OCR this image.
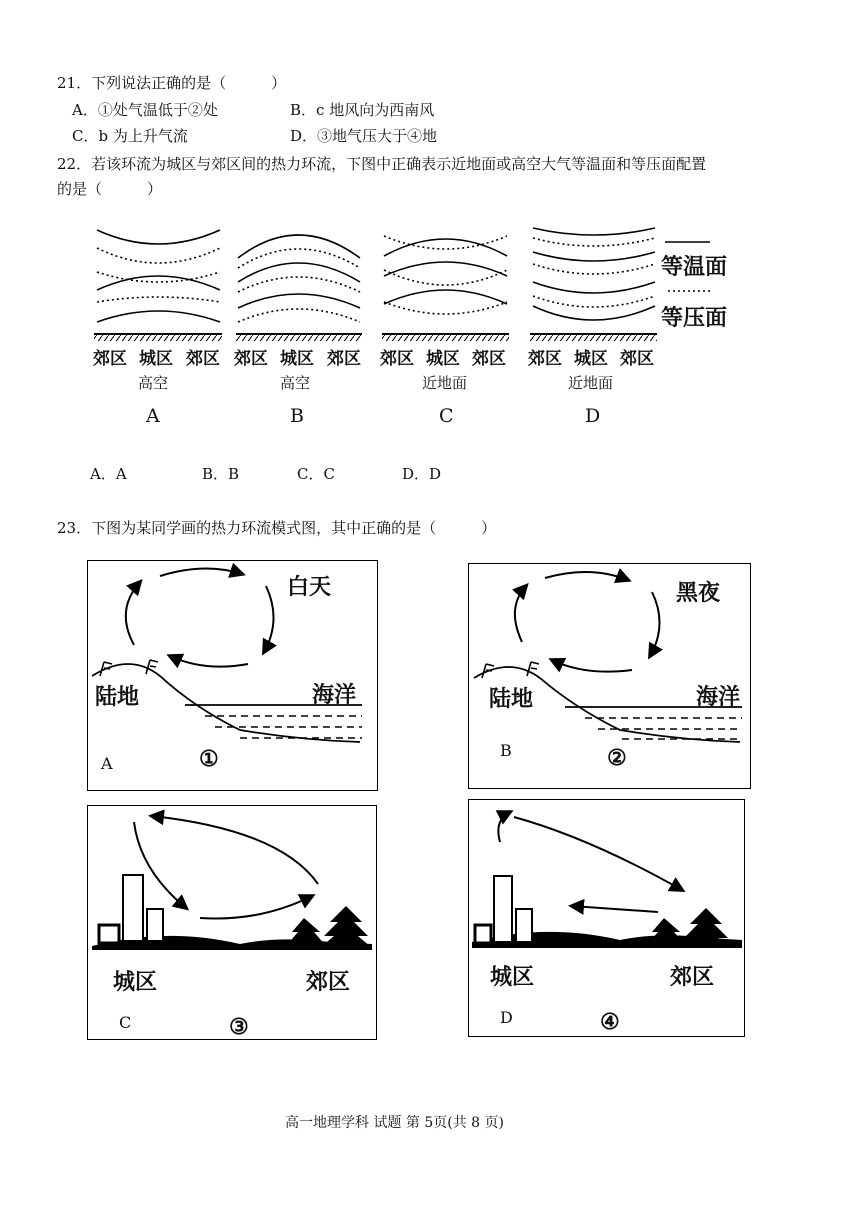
21．下列说法正确的是（　　　）
A．①处气温低于②处	B．c 地风向为西南风
C．b 为上升气流	D．③地气压大于④地
22．若该环流为城区与郊区间的热力环流，下图中正确表示近地面或高空大气等温面和等压面配置
的是（　　　）
等温面
等压面
郊区 城区 郊区 郊区 城区 郊区 郊区 城区 郊区 郊区 城区 郊区
高空	高空	近地面	近地面
A	B	C	D
A．A	B．B	C．C	D．D
23．下图为某同学画的热力环流模式图，其中正确的是（　　　）
白天
陆地	海洋
A	①
黑夜
陆地	海洋
B	②
城区	郊区
C	③
城区	郊区
D	④
高一地理学科 试题 第 5页(共 8 页)
